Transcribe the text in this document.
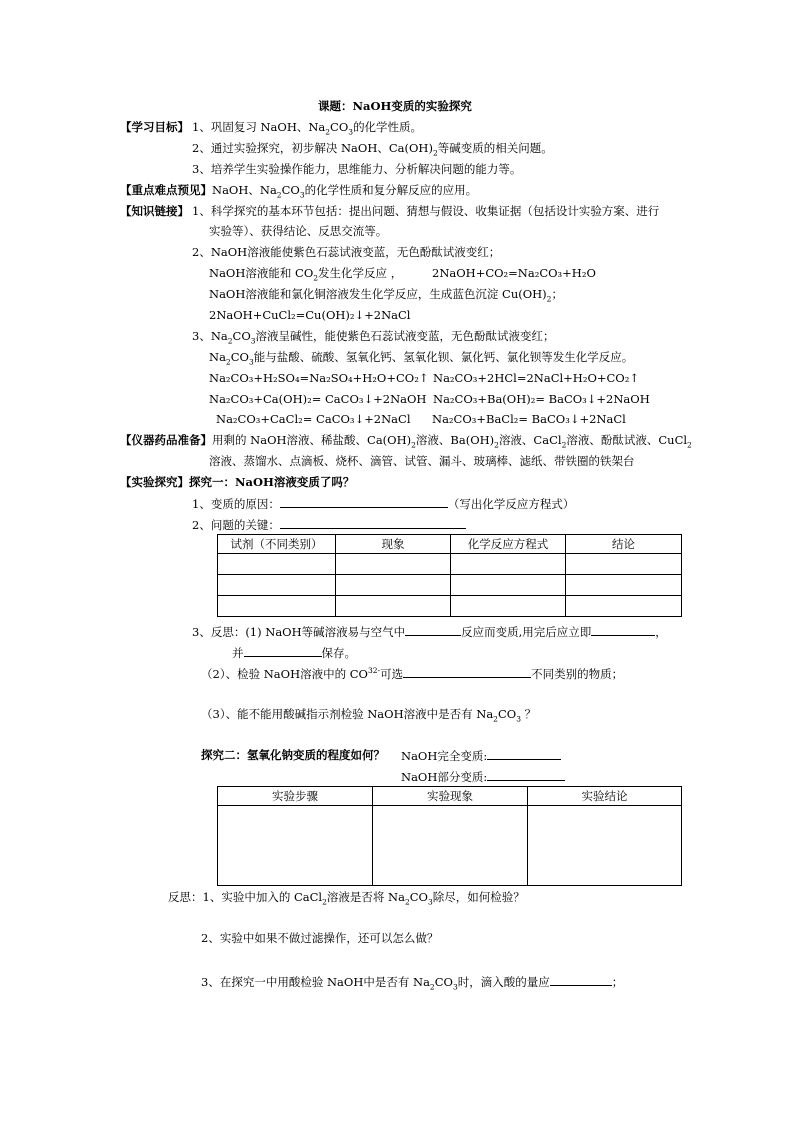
课题：NaOH变质的实验探究
【学习目标】 1、巩固复习 NaOH、$Na_2CO_3$的化学性质。
2、通过实验探究，初步解决 NaOH、$Ca(OH)_2$等碱变质的相关问题。
3、培养学生实验操作能力，思维能力、分析解决问题的能力等。
【重点难点预见】NaOH、$Na_2CO_3$的化学性质和复分解反应的应用。
【知识链接】 1、科学探究的基本环节包括：提出问题、猜想与假设、收集证据（包括设计实验方案、进行
实验等）、获得结论、反思交流等。
2、NaOH溶液能使紫色石蕊试液变蓝，无色酚酞试液变红；
NaOH溶液能和 $CO_2$发生化学反应 ，	2NaOH+CO₂=Na₂CO₃+H₂O
NaOH溶液能和氯化铜溶液发生化学反应，生成蓝色沉淀 $Cu(OH)_2$；
2NaOH+CuCl₂=Cu(OH)₂↓+2NaCl
3、$Na_2CO_3$溶液呈碱性，能使紫色石蕊试液变蓝，无色酚酞试液变红；
$Na_2CO_3$能与盐酸、硫酸、氢氧化钙、氢氧化钡、氯化钙、氯化钡等发生化学反应。
Na₂CO₃+H₂SO₄=Na₂SO₄+H₂O+CO₂↑ Na₂CO₃+2HCl=2NaCl+H₂O+CO₂↑
Na₂CO₃+Ca(OH)₂= CaCO₃↓+2NaOH Na₂CO₃+Ba(OH)₂= BaCO₃↓+2NaOH
Na₂CO₃+CaCl₂= CaCO₃↓+2NaCl Na₂CO₃+BaCl₂= BaCO₃↓+2NaCl
【仪器药品准备】用剩的 NaOH溶液、稀盐酸、$Ca(OH)_2$溶液、$Ba(OH)_2$溶液、CaCl$_2$溶液、酚酞试液、CuCl$_2$
溶液、蒸馏水、点滴板、烧杯、滴管、试管、漏斗、玻璃棒、滤纸、带铁圈的铁架台
【实验探究】探究一：NaOH溶液变质了吗？
1、变质的原因：	（写出化学反应方程式）
2、问题的关键：
试剂（不同类别）	现象	化学反应方程式	结论

3、反思：(1) NaOH等碱溶液易与空气中	反应而变质,用完后应立即	，
并	保存。
（2）、检验 NaOH溶液中的 $CO^{32-}$可选	不同类别的物质；
（3）、能不能用酸碱指示剂检验 NaOH溶液中是否有 $Na_2CO_3$ ？
探究二：氢氧化钠变质的程度如何？ NaOH完全变质:
NaOH部分变质:
实验步骤	实验现象	实验结论

反思：1、实验中加入的 CaCl$_2$溶液是否将 $Na_2CO_3$除尽，如何检验？
2、实验中如果不做过滤操作，还可以怎么做？
3、在探究一中用酸检验 NaOH中是否有 $Na_2CO_3$时，滴入酸的量应	；
